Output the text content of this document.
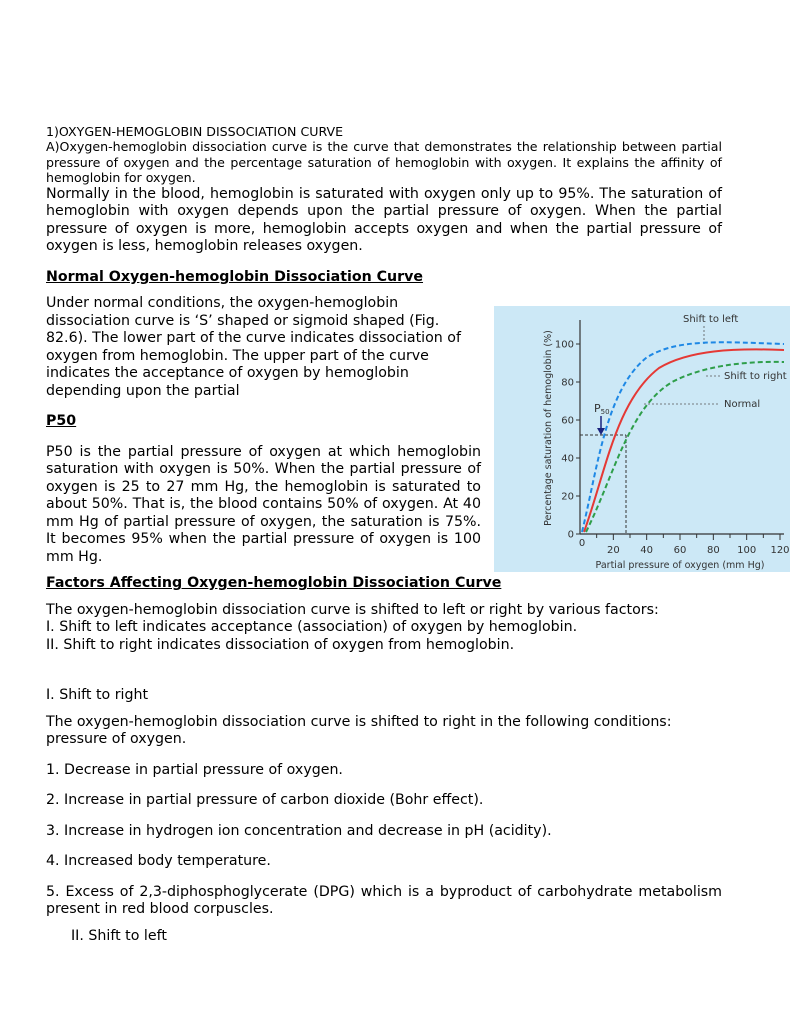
1)OXYGEN-HEMOGLOBIN DISSOCIATION CURVE

A)Oxygen-hemoglobin dissociation curve is the curve that demonstrates the relationship between partial pressure of oxygen and the percentage saturation of hemoglobin with oxygen. It explains the affinity of hemoglobin for oxygen.

Normally in the blood, hemoglobin is saturated with oxygen only up to 95%. The saturation of hemoglobin with oxygen depends upon the partial pressure of oxygen. When the partial pressure of oxygen is more, hemoglobin accepts oxygen and when the partial pressure of oxygen is less, hemoglobin releases oxygen.

Normal Oxygen-hemoglobin Dissociation Curve

Under normal conditions, the oxygen-hemoglobin dissociation curve is ‘S’ shaped or sigmoid shaped (Fig. 82.6). The lower part of the curve indicates dissociation of oxygen from hemoglobin. The upper part of the curve indicates the acceptance of oxygen by hemoglobin depending upon the partial

P50

P50 is the partial pressure of oxygen at which hemoglobin saturation with oxygen is 50%. When the partial pressure of oxygen is 25 to 27 mm Hg, the hemoglobin is saturated to about 50%. That is, the blood contains 50% of oxygen. At 40 mm Hg of partial pressure of oxygen, the saturation is 75%. It becomes 95% when the partial pressure of oxygen is 100 mm Hg.

Factors Affecting Oxygen-hemoglobin Dissociation Curve

The oxygen-hemoglobin dissociation curve is shifted to left or right by various factors:

I. Shift to left indicates acceptance (association) of oxygen by hemoglobin.

II. Shift to right indicates dissociation of oxygen from hemoglobin.

I. Shift to right

The oxygen-hemoglobin dissociation curve is shifted to right in the following conditions: pressure of oxygen.

1. Decrease in partial pressure of oxygen.

2. Increase in partial pressure of carbon dioxide (Bohr effect).

3. Increase in hydrogen ion concentration and decrease in pH (acidity).

4. Increased body temperature.

5. Excess of 2,3-diphosphoglycerate (DPG) which is a byproduct of carbohydrate metabolism present in red blood corpuscles.

II. Shift to left

0
20
40
60
80
100
20 40 60 80 100 120
0
P50
Shift to left
Shift to right
Normal
Percentage saturation of hemoglobin (%)
Partial pressure of oxygen (mm Hg)
